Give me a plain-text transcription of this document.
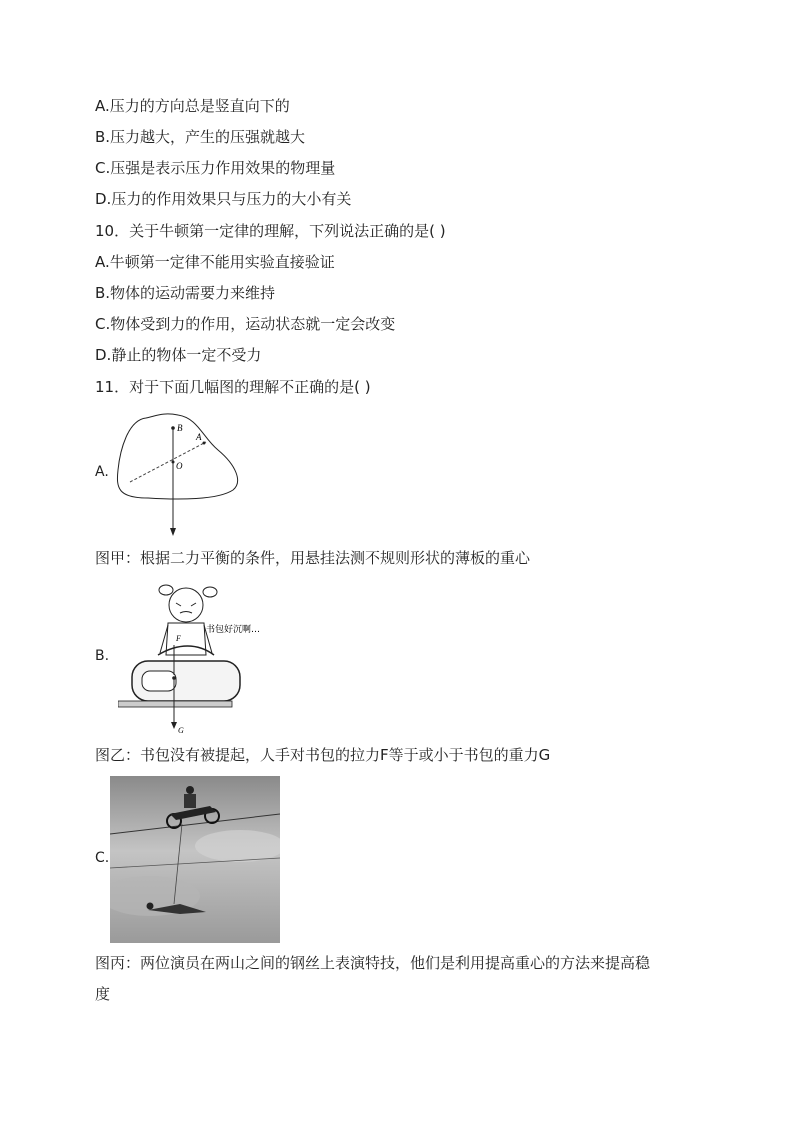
A.压力的方向总是竖直向下的
B.压力越大，产生的压强就越大
C.压强是表示压力作用效果的物理量
D.压力的作用效果只与压力的大小有关
10．关于牛顿第一定律的理解，下列说法正确的是( )
A.牛顿第一定律不能用实验直接验证
B.物体的运动需要力来维持
C.物体受到力的作用，运动状态就一定会改变
D.静止的物体一定不受力
11．对于下面几幅图的理解不正确的是( )
A.
B
A
O
图甲：根据二力平衡的条件，用悬挂法测不规则形状的薄板的重心
B.
F
书包好沉啊…
G
图乙：书包没有被提起，人手对书包的拉力F等于或小于书包的重力G
C.
图丙：两位演员在两山之间的钢丝上表演特技，他们是利用提高重心的方法来提高稳
度
